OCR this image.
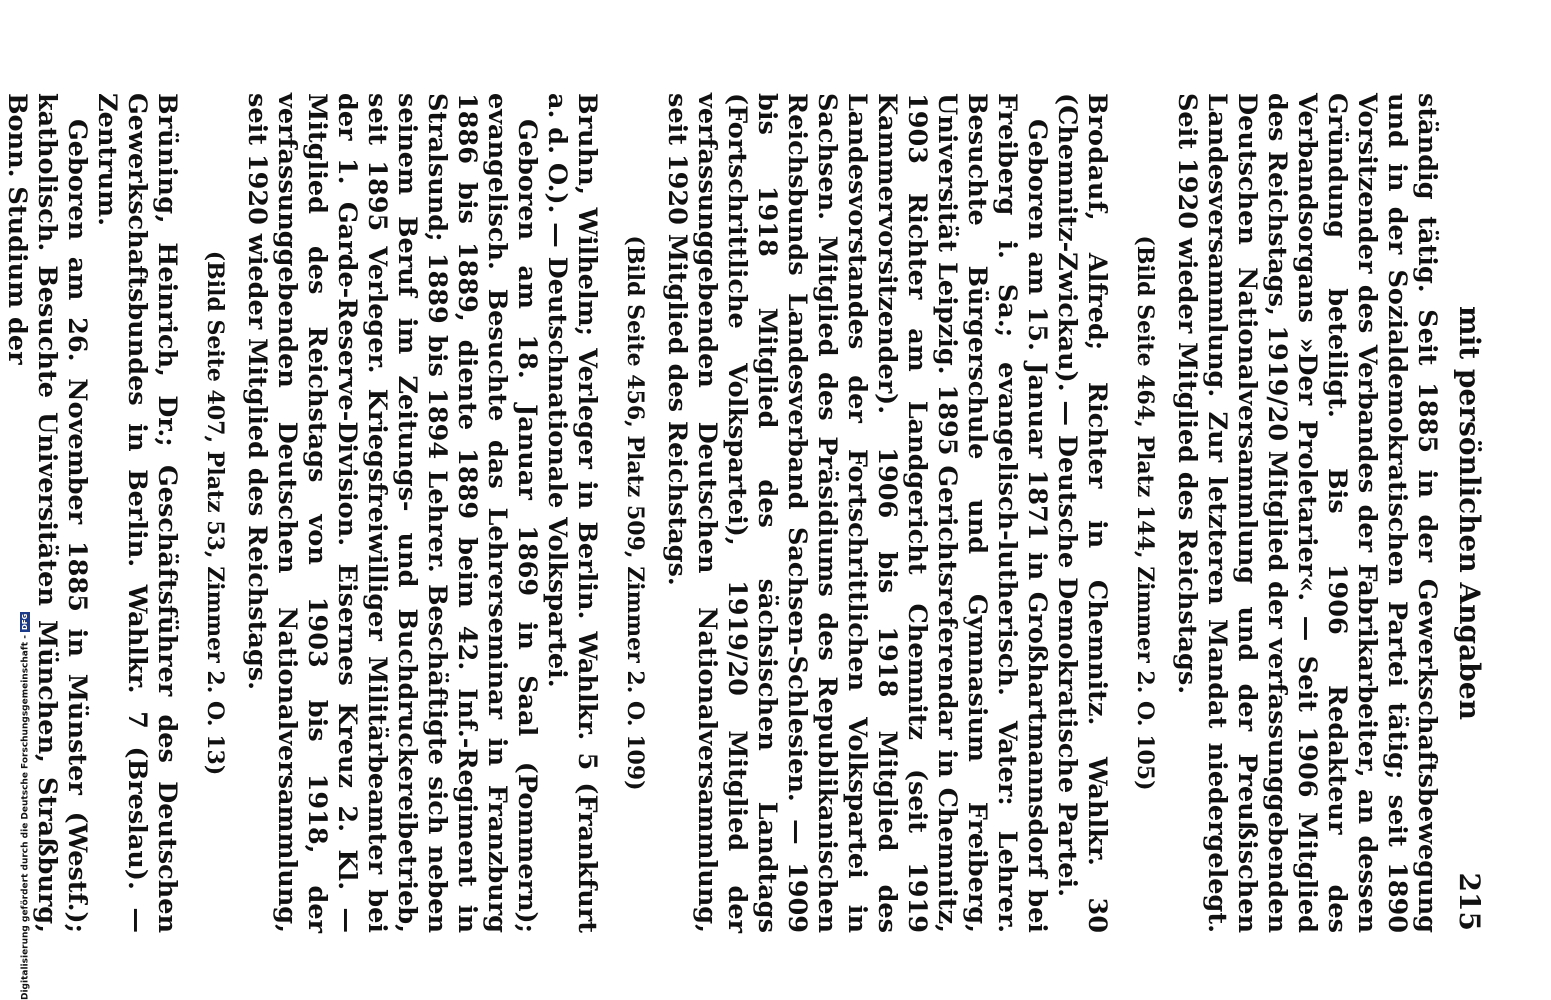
mit persönlichen Angaben
215

ständig tätig. Seit 1885 in der Gewerkschaftsbewegung und in der Sozialdemokratischen Partei tätig; seit 1890 Vorsitzender des Verbandes der Fabrikarbeiter, an dessen Gründung beteiligt. Bis 1906 Redakteur des Verbandsorgans »Der Proletarier«. — Seit 1906 Mitglied des Reichstags, 1919/20 Mitglied der verfassunggebenden Deutschen Nationalversammlung und der Preußischen Landesversammlung. Zur letzteren Mandat niedergelegt. Seit 1920 wieder Mitglied des Reichstags.

(Bild Seite 464, Platz 144, Zimmer 2. O. 105)

Brodauf, Alfred; Richter in Chemnitz. Wahlkr. 30 (Chemnitz-Zwickau). — Deutsche Demokratische Partei.

Geboren am 15. Januar 1871 in Großhartmannsdorf bei Freiberg i. Sa.; evangelisch-lutherisch. Vater: Lehrer. Besuchte Bürgerschule und Gymnasium Freiberg, Universität Leipzig. 1895 Gerichtsreferendar in Chemnitz, 1903 Richter am Landgericht Chemnitz (seit 1919 Kammervorsitzender). 1906 bis 1918 Mitglied des Landesvorstandes der Fortschrittlichen Volkspartei in Sachsen. Mitglied des Präsidiums des Republikanischen Reichsbunds Landesverband Sachsen-Schlesien. — 1909 bis 1918 Mitglied des sächsischen Landtags (Fortschrittliche Volkspartei), 1919/20 Mitglied der verfassunggebenden Deutschen Nationalversammlung, seit 1920 Mitglied des Reichstags.

(Bild Seite 456, Platz 509, Zimmer 2. O. 109)

Bruhn, Wilhelm; Verleger in Berlin. Wahlkr. 5 (Frankfurt a. d. O.). — Deutschnationale Volkspartei.

Geboren am 18. Januar 1869 in Saal (Pommern); evangelisch. Besuchte das Lehrerseminar in Franzburg 1886 bis 1889, diente 1889 beim 42. Inf.-Regiment in Stralsund; 1889 bis 1894 Lehrer. Beschäftigte sich neben seinem Beruf im Zeitungs- und Buchdruckereibetrieb, seit 1895 Verleger. Kriegsfreiwilliger Militärbeamter bei der 1. Garde-Reserve-Division. Eisernes Kreuz 2. Kl. — Mitglied des Reichstags von 1903 bis 1918, der verfassunggebenden Deutschen Nationalversammlung, seit 1920 wieder Mitglied des Reichstags.

(Bild Seite 407, Platz 53, Zimmer 2. O. 13)

Brüning, Heinrich, Dr.; Geschäftsführer des Deutschen Gewerkschaftsbundes in Berlin. Wahlkr. 7 (Breslau). — Zentrum.

Geboren am 26. November 1885 in Münster (Westf.); katholisch. Besuchte Universitäten München, Straßburg, Bonn. Studium der

Digitalisierung gefördert durch die Deutsche Forschungsgemeinschaft -DFG
